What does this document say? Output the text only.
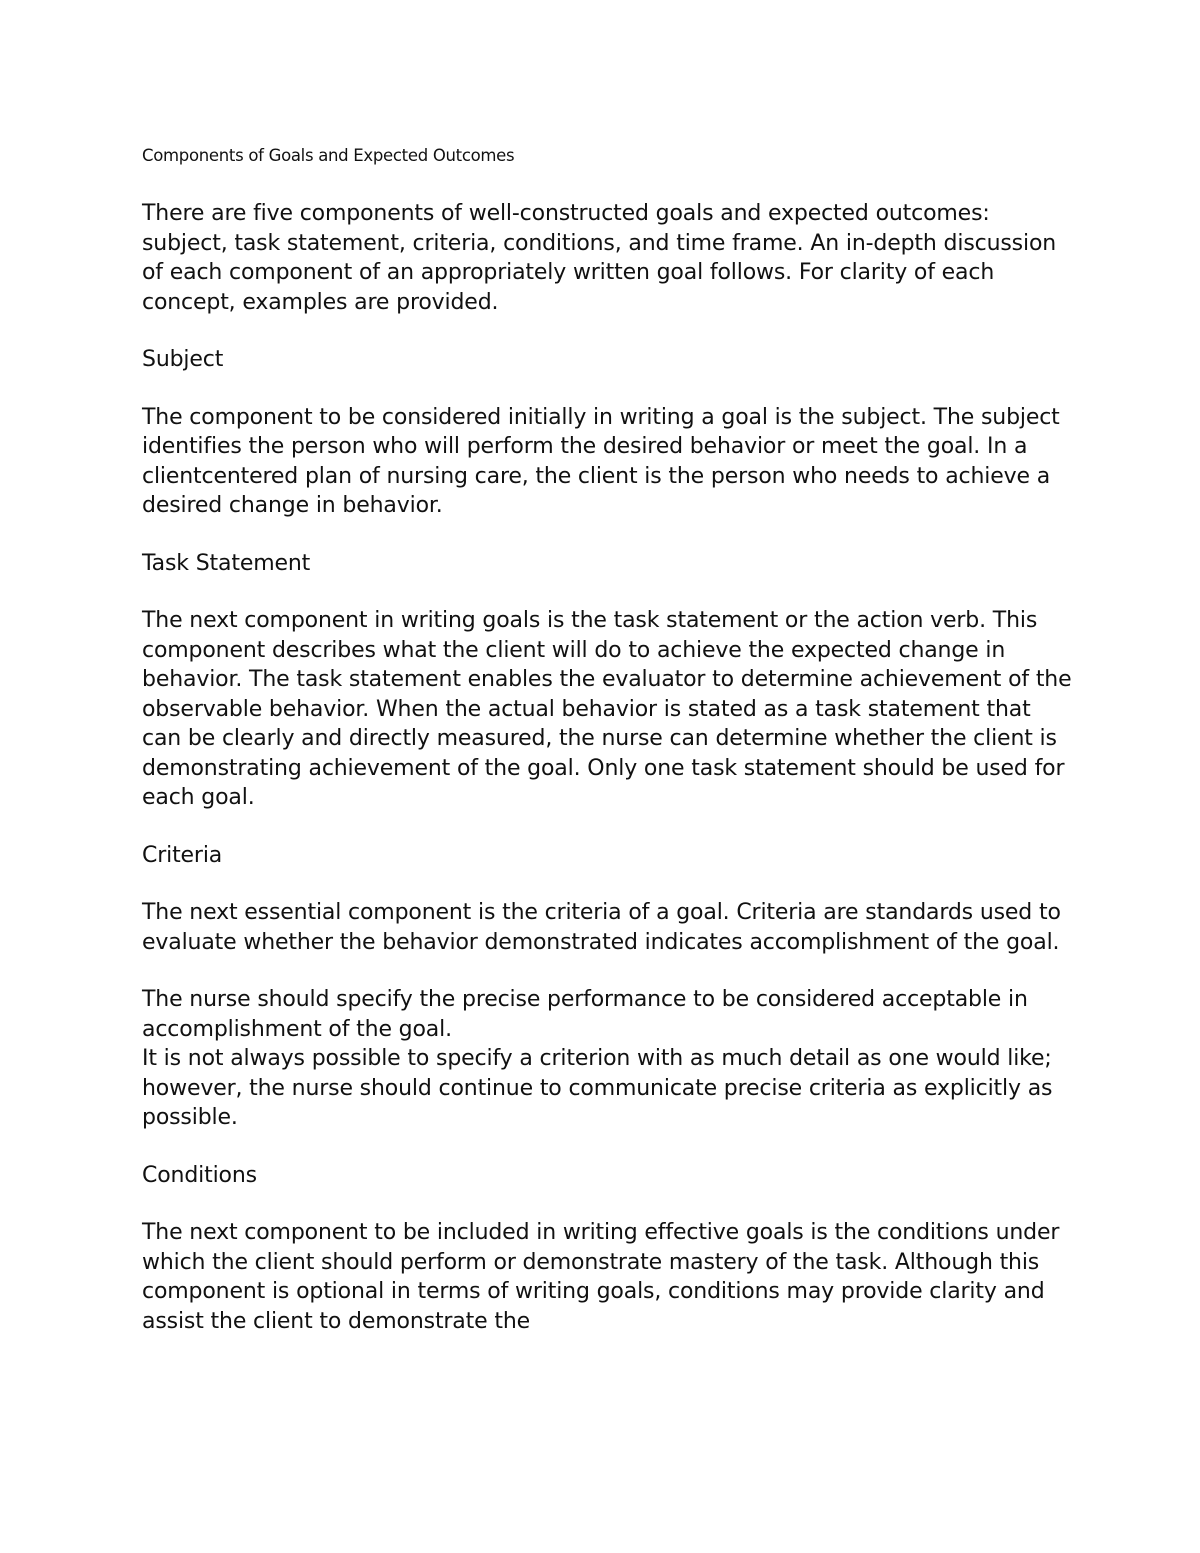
Components of Goals and Expected Outcomes

There are five components of well-constructed goals and expected outcomes: subject, task statement, criteria, conditions, and time frame. An in-depth discussion of each component of an appropriately written goal follows. For clarity of each concept, examples are provided.

Subject

The component to be considered initially in writing a goal is the subject. The subject identifies the person who will perform the desired behavior or meet the goal. In a clientcentered plan of nursing care, the client is the person who needs to achieve a desired change in behavior.

Task Statement

The next component in writing goals is the task statement or the action verb. This component describes what the client will do to achieve the expected change in behavior. The task statement enables the evaluator to determine achievement of the observable behavior. When the actual behavior is stated as a task statement that can be clearly and directly measured, the nurse can determine whether the client is demonstrating achievement of the goal. Only one task statement should be used for each goal.

Criteria

The next essential component is the criteria of a goal. Criteria are standards used to evaluate whether the behavior demonstrated indicates accomplishment of the goal.

The nurse should specify the precise performance to be considered acceptable in accomplishment of the goal.

It is not always possible to specify a criterion with as much detail as one would like; however, the nurse should continue to communicate precise criteria as explicitly as possible.

Conditions

The next component to be included in writing effective goals is the conditions under which the client should perform or demonstrate mastery of the task. Although this component is optional in terms of writing goals, conditions may provide clarity and assist the client to demonstrate the
